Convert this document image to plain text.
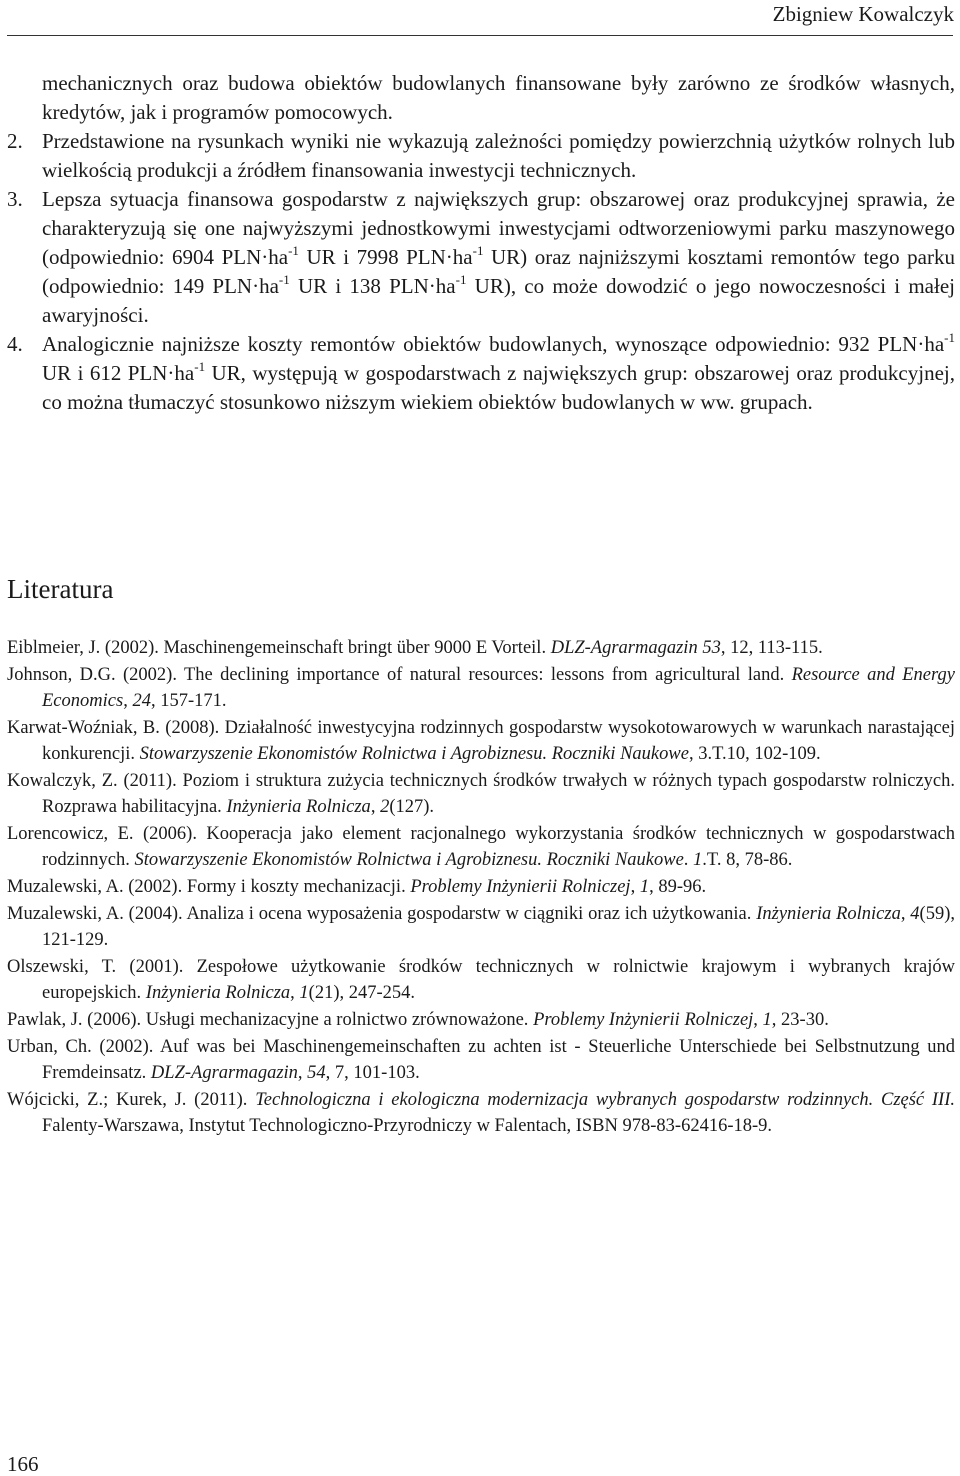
Zbigniew Kowalczyk
mechanicznych oraz budowa obiektów budowlanych finansowane były zarówno ze środków własnych, kredytów, jak i programów pomocowych.
2. Przedstawione na rysunkach wyniki nie wykazują zależności pomiędzy powierzchnią użytków rolnych lub wielkością produkcji a źródłem finansowania inwestycji technicznych.
3. Lepsza sytuacja finansowa gospodarstw z największych grup: obszarowej oraz produkcyjnej sprawia, że charakteryzują się one najwyższymi jednostkowymi inwestycjami odtworzeniowymi parku maszynowego (odpowiednio: 6904 $PLN\cdot ha^{-1}$ UR i 7998 $PLN\cdot ha^{-1}$ UR) oraz najniższymi kosztami remontów tego parku (odpowiednio: 149 $PLN\cdot ha^{-1}$ UR i 138 $PLN\cdot ha^{-1}$ UR), co może dowodzić o jego nowoczesności i małej awaryjności.
4. Analogicznie najniższe koszty remontów obiektów budowlanych, wynoszące odpowiednio: 932 $PLN\cdot ha^{-1}$ UR i 612 $PLN\cdot ha^{-1}$ UR, występują w gospodarstwach z największych grup: obszarowej oraz produkcyjnej, co można tłumaczyć stosunkowo niższym wiekiem obiektów budowlanych w ww. grupach.
Literatura

Eiblmeier, J. (2002). Maschinengemeinschaft bringt über 9000 E Vorteil. DLZ-Agrarmagazin 53, 12, 113-115.

Johnson, D.G. (2002). The declining importance of natural resources: lessons from agricultural land. Resource and Energy Economics, 24, 157-171.

Karwat-Woźniak, B. (2008). Działalność inwestycyjna rodzinnych gospodarstw wysokotowarowych w warunkach narastającej konkurencji. Stowarzyszenie Ekonomistów Rolnictwa i Agrobiznesu. Roczniki Naukowe, 3.T.10, 102-109.

Kowalczyk, Z. (2011). Poziom i struktura zużycia technicznych środków trwałych w różnych typach gospodarstw rolniczych. Rozprawa habilitacyjna. Inżynieria Rolnicza, 2(127).

Lorencowicz, E. (2006). Kooperacja jako element racjonalnego wykorzystania środków technicznych w gospodarstwach rodzinnych. Stowarzyszenie Ekonomistów Rolnictwa i Agrobiznesu. Roczniki Naukowe. 1.T. 8, 78-86.

Muzalewski, A. (2002). Formy i koszty mechanizacji. Problemy Inżynierii Rolniczej, 1, 89-96.

Muzalewski, A. (2004). Analiza i ocena wyposażenia gospodarstw w ciągniki oraz ich użytkowania. Inżynieria Rolnicza, 4(59), 121-129.

Olszewski, T. (2001). Zespołowe użytkowanie środków technicznych w rolnictwie krajowym i wybranych krajów europejskich. Inżynieria Rolnicza, 1(21), 247-254.

Pawlak, J. (2006). Usługi mechanizacyjne a rolnictwo zrównoważone. Problemy Inżynierii Rolniczej, 1, 23-30.

Urban, Ch. (2002). Auf was bei Maschinengemeinschaften zu achten ist - Steuerliche Unterschiede bei Selbstnutzung und Fremdeinsatz. DLZ-Agrarmagazin, 54, 7, 101-103.

Wójcicki, Z.; Kurek, J. (2011). Technologiczna i ekologiczna modernizacja wybranych gospodarstw rodzinnych. Część III. Falenty-Warszawa, Instytut Technologiczno-Przyrodniczy w Falentach, ISBN 978-83-62416-18-9.

166
